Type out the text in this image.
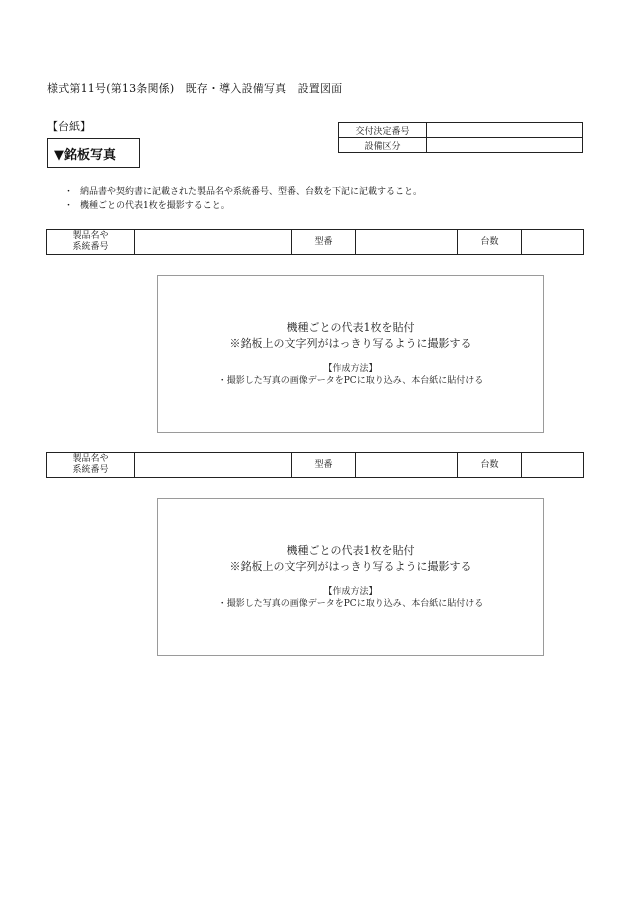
様式第11号(第13条関係)　既存・導入設備写真　設置図面
【台紙】
▼銘板写真
交付決定番号	
設備区分	
・ 納品書や契約書に記載された製品名や系統番号、型番、台数を下記に記載すること。
・ 機種ごとの代表1枚を撮影すること。
製品名や
系統番号		型番		台数	
機種ごとの代表1枚を貼付
※銘板上の文字列がはっきり写るように撮影する
【作成方法】
・撮影した写真の画像データをPCに取り込み、本台紙に貼付ける
製品名や
系統番号		型番		台数	
機種ごとの代表1枚を貼付
※銘板上の文字列がはっきり写るように撮影する
【作成方法】
・撮影した写真の画像データをPCに取り込み、本台紙に貼付ける
